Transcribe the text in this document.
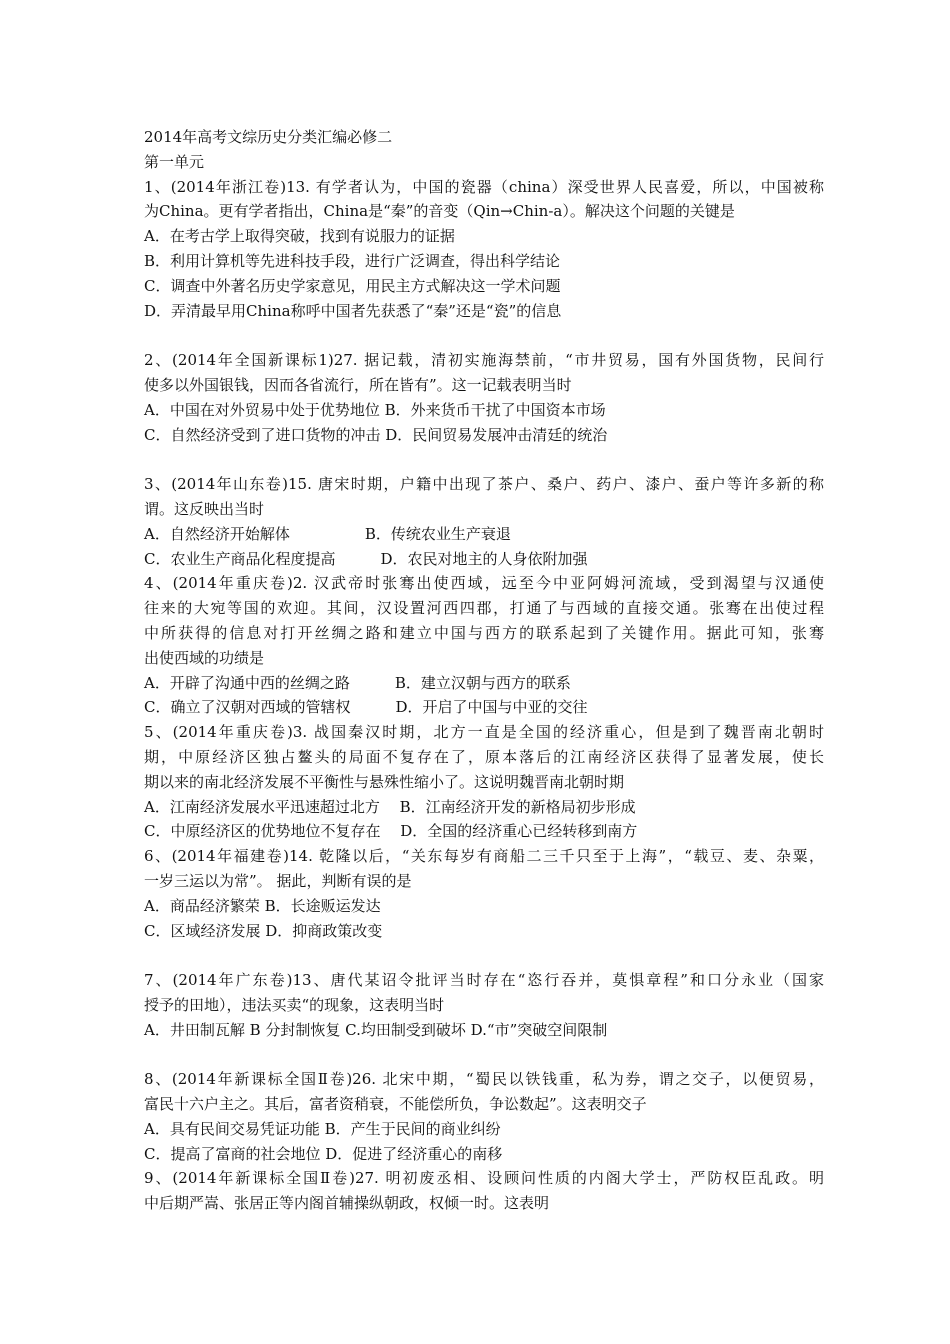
2014年高考文综历史分类汇编必修二
第一单元
1、(2014年浙江卷)13. 有学者认为，中国的瓷器（china）深受世界人民喜爱，所以，中国被称
为China。更有学者指出，China是“秦”的音变（Qin→Chin-a）。解决这个问题的关键是
A．在考古学上取得突破，找到有说服力的证据
B．利用计算机等先进科技手段，进行广泛调查，得出科学结论
C．调查中外著名历史学家意见，用民主方式解决这一学术问题
D．弄清最早用China称呼中国者先获悉了“秦”还是“瓷”的信息
2、(2014年全国新课标1)27. 据记载，清初实施海禁前，“市井贸易，国有外国货物，民间行
使多以外国银钱，因而各省流行，所在皆有”。这一记载表明当时
A．中国在对外贸易中处于优势地位 B．外来货币干扰了中国资本市场
C．自然经济受到了进口货物的冲击 D．民间贸易发展冲击清廷的统治
3、(2014年山东卷)15. 唐宋时期，户籍中出现了茶户、桑户、药户、漆户、蚕户等许多新的称
谓。这反映出当时
A．自然经济开始解体　　　　　B．传统农业生产衰退
C．农业生产商品化程度提高　　　D．农民对地主的人身依附加强
4、(2014年重庆卷)2. 汉武帝时张骞出使西域，远至今中亚阿姆河流域，受到渴望与汉通使
往来的大宛等国的欢迎。其间，汉设置河西四郡，打通了与西域的直接交通。张骞在出使过程
中所获得的信息对打开丝绸之路和建立中国与西方的联系起到了关键作用。据此可知，张骞
出使西域的功绩是
A．开辟了沟通中西的丝绸之路　　　B．建立汉朝与西方的联系
C．确立了汉朝对西域的管辖权　　　D．开启了中国与中亚的交往
5、(2014年重庆卷)3. 战国秦汉时期，北方一直是全国的经济重心，但是到了魏晋南北朝时
期，中原经济区独占鳌头的局面不复存在了，原本落后的江南经济区获得了显著发展，使长
期以来的南北经济发展不平衡性与悬殊性缩小了。这说明魏晋南北朝时期
A．江南经济发展水平迅速超过北方　 B．江南经济开发的新格局初步形成
C．中原经济区的优势地位不复存在　 D．全国的经济重心已经转移到南方
6、(2014年福建卷)14. 乾隆以后，“关东每岁有商船二三千只至于上海”，“载豆、麦、杂粟，
一岁三运以为常”。 据此，判断有误的是
A．商品经济繁荣 B．长途贩运发达
C．区域经济发展 D．抑商政策改变
7、(2014年广东卷)13、唐代某诏令批评当时存在“恣行吞并，莫惧章程”和口分永业（国家
授予的田地），违法买卖“的现象，这表明当时
A．井田制瓦解 B 分封制恢复 C.均田制受到破坏 D.“市”突破空间限制
8、(2014年新课标全国Ⅱ卷)26. 北宋中期，“蜀民以铁钱重，私为券，谓之交子，以便贸易，
富民十六户主之。其后，富者资稍衰，不能偿所负，争讼数起”。这表明交子
A．具有民间交易凭证功能 B．产生于民间的商业纠纷
C．提高了富商的社会地位 D．促进了经济重心的南移
9、(2014年新课标全国Ⅱ卷)27. 明初废丞相、设顾问性质的内阁大学士，严防权臣乱政。明
中后期严嵩、张居正等内阁首辅操纵朝政，权倾一时。这表明
